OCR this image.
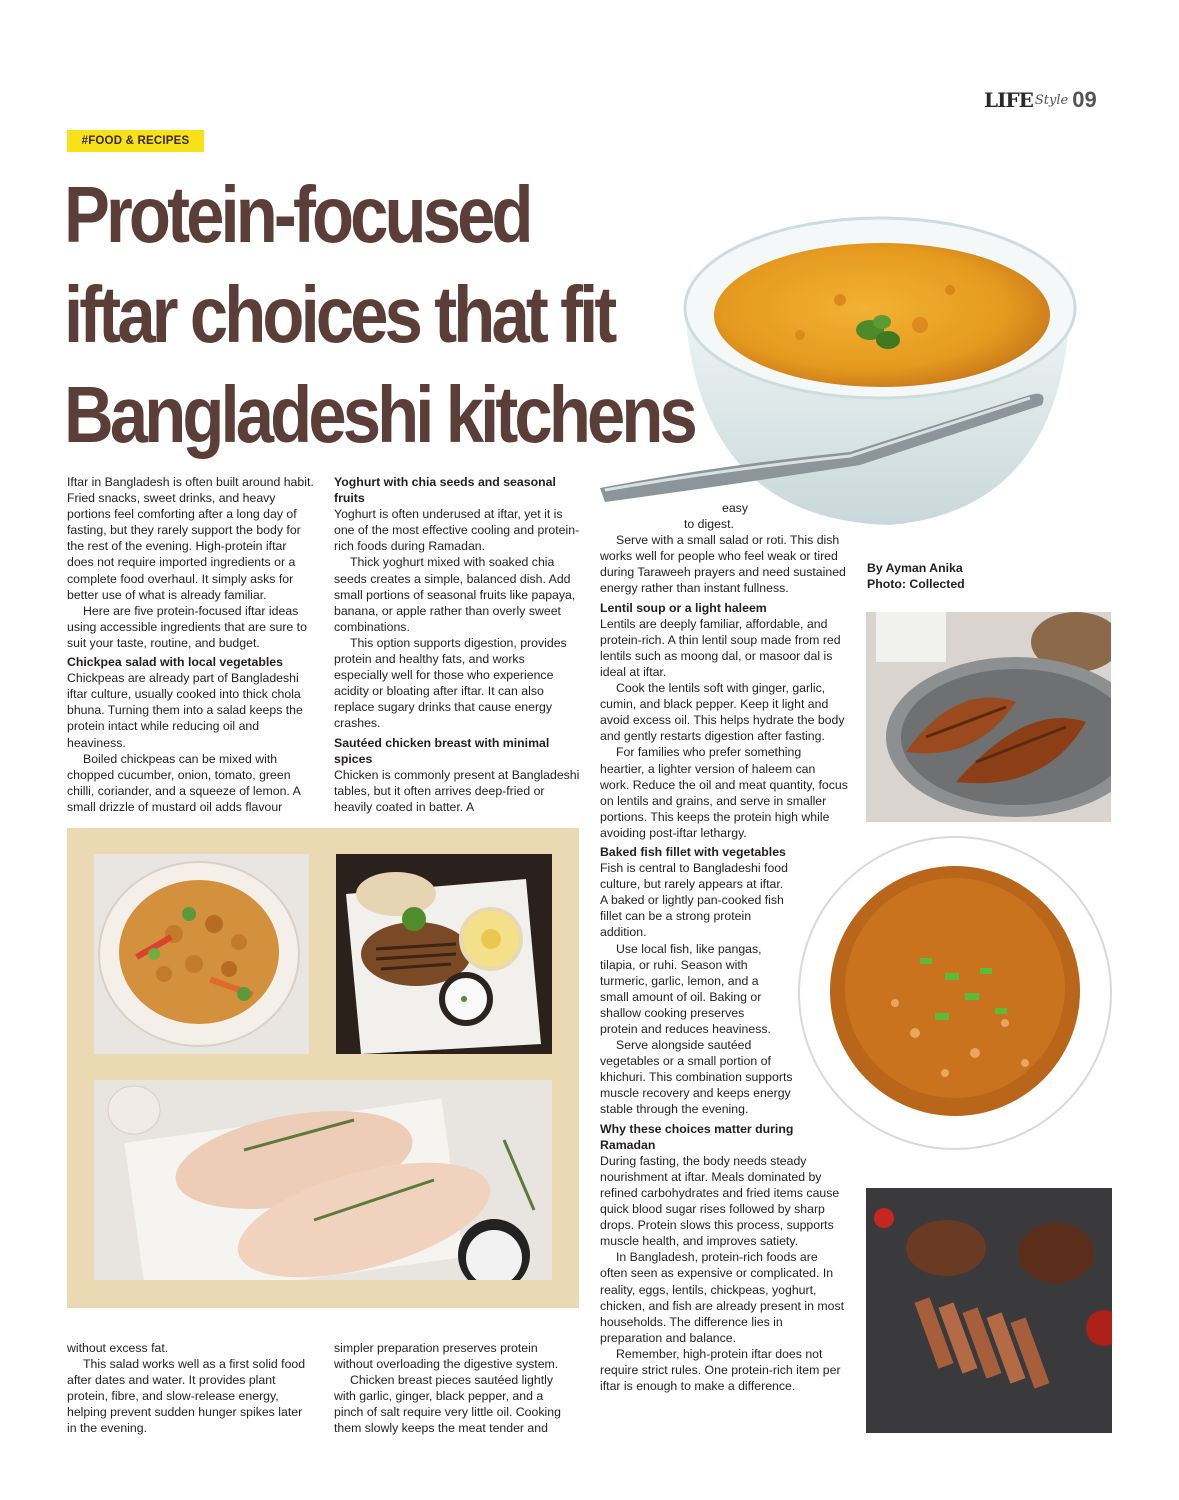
LIFE Style 09
#FOOD & RECIPES
Protein-focused
iftar choices that fit
Bangladeshi kitchens

Iftar in Bangladesh is often built around habit. Fried snacks, sweet drinks, and heavy portions feel comforting after a long day of fasting, but they rarely support the body for the rest of the evening. High-protein iftar does not require imported ingredients or a complete food overhaul. It simply asks for better use of what is already familiar.

Here are five protein-focused iftar ideas using accessible ingredients that are sure to suit your taste, routine, and budget.

Chickpea salad with local vegetables

Chickpeas are already part of Bangladeshi iftar culture, usually cooked into thick chola bhuna. Turning them into a salad keeps the protein intact while reducing oil and heaviness.

Boiled chickpeas can be mixed with chopped cucumber, onion, tomato, green chilli, coriander, and a squeeze of lemon. A small drizzle of mustard oil adds flavour

Yoghurt with chia seeds and seasonal fruits

Yoghurt is often underused at iftar, yet it is one of the most effective cooling and protein-rich foods during Ramadan.

Thick yoghurt mixed with soaked chia seeds creates a simple, balanced dish. Add small portions of seasonal fruits like papaya, banana, or apple rather than overly sweet combinations.

This option supports digestion, provides protein and healthy fats, and works especially well for those who experience acidity or bloating after iftar. It can also replace sugary drinks that cause energy crashes.

Sautéed chicken breast with minimal spices

Chicken is commonly present at Bangladeshi tables, but it often arrives deep-fried or heavily coated in batter. A

easy

to digest.

Serve with a small salad or roti. This dish works well for people who feel weak or tired during Taraweeh prayers and need sustained energy rather than instant fullness.

Lentil soup or a light haleem

Lentils are deeply familiar, affordable, and protein-rich. A thin lentil soup made from red lentils such as moong dal, or masoor dal is ideal at iftar.

Cook the lentils soft with ginger, garlic, cumin, and black pepper. Keep it light and avoid excess oil. This helps hydrate the body and gently restarts digestion after fasting.

For families who prefer something heartier, a lighter version of haleem can work. Reduce the oil and meat quantity, focus on lentils and grains, and serve in smaller portions. This keeps the protein high while avoiding post-iftar lethargy.

Baked fish fillet with vegetables

Fish is central to Bangladeshi food culture, but rarely appears at iftar. A baked or lightly pan-cooked fish fillet can be a strong protein addition.

Use local fish, like pangas, tilapia, or ruhi. Season with turmeric, garlic, lemon, and a small amount of oil. Baking or shallow cooking preserves protein and reduces heaviness.

Serve alongside sautéed vegetables or a small portion of khichuri. This combination supports muscle recovery and keeps energy stable through the evening.

Why these choices matter during Ramadan

During fasting, the body needs steady nourishment at iftar. Meals dominated by refined carbohydrates and fried items cause quick blood sugar rises followed by sharp drops. Protein slows this process, supports muscle health, and improves satiety.

In Bangladesh, protein-rich foods are often seen as expensive or complicated. In reality, eggs, lentils, chickpeas, yoghurt, chicken, and fish are already present in most households. The difference lies in preparation and balance.

Remember, high-protein iftar does not require strict rules. One protein-rich item per iftar is enough to make a difference.

By Ayman Anika
Photo: Collected

without excess fat.

This salad works well as a first solid food after dates and water. It provides plant protein, fibre, and slow-release energy, helping prevent sudden hunger spikes later in the evening.

simpler preparation preserves protein without overloading the digestive system.

Chicken breast pieces sautéed lightly with garlic, ginger, black pepper, and a pinch of salt require very little oil. Cooking them slowly keeps the meat tender and
